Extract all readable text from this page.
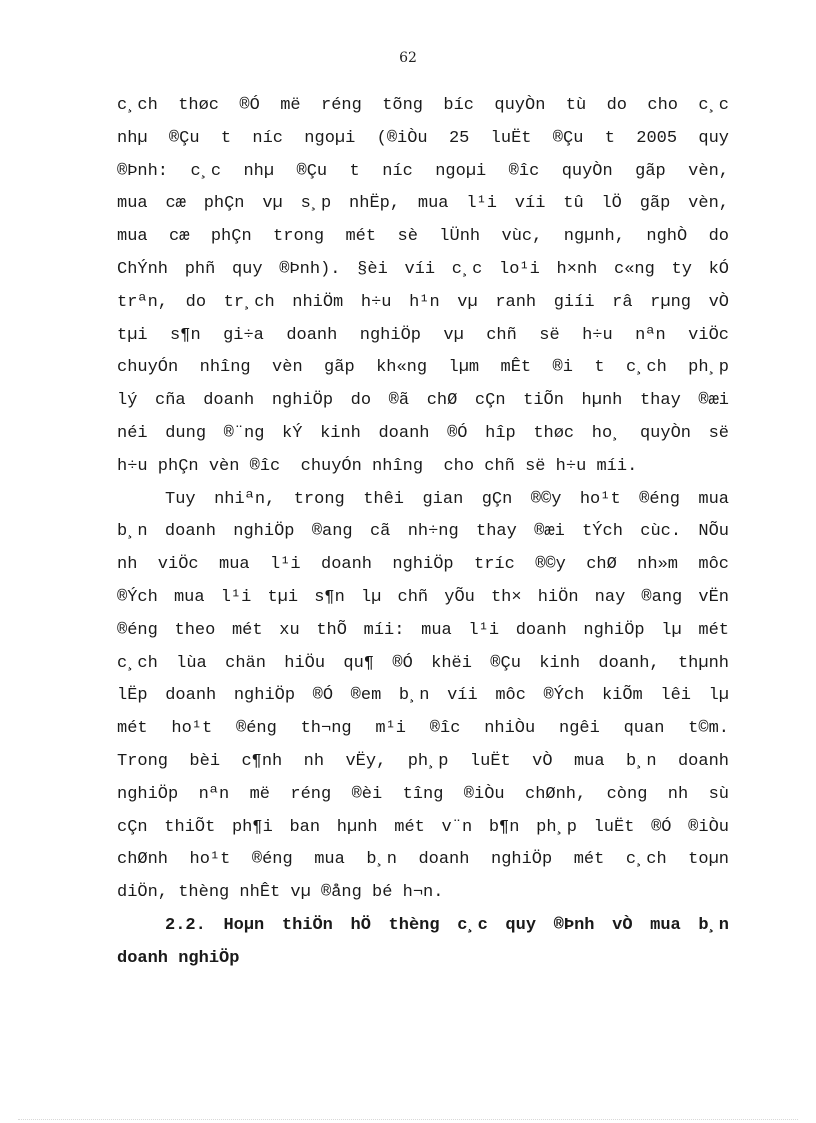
62
c¸ch thøc ®Ó më réng tõng bíc quyÒn tù do cho c¸c
nhµ ®Çu t níc ngoµi (®iÒu 25 luËt ®Çu t 2005 quy
®Þnh: c¸c nhµ ®Çu t níc ngoµi ®îc quyÒn gãp vèn,
mua cæ phÇn vµ s¸p nhËp, mua l¹i víi tû lÖ gãp vèn,
mua cæ phÇn trong mét sè lÜnh vùc, ngµnh, nghÒ do
ChÝnh phñ quy ®Þnh). §èi víi c¸c lo¹i h×nh c«ng ty kÓ
trªn, do tr¸ch nhiÖm h÷u h¹n vµ ranh giíi râ rµng vÒ
tµi s¶n gi÷a doanh nghiÖp vµ chñ së h÷u nªn viÖc
chuyÓn nhîng vèn gãp kh«ng lµm mÊt ®i t c¸ch ph¸p
lý cña doanh nghiÖp do ®ã chØ cÇn tiÕn hµnh thay ®æi
néi dung ®¨ng kÝ kinh doanh ®Ó hîp thøc ho¸ quyÒn së
h÷u phÇn vèn ®îc  chuyÓn nhîng  cho chñ së h÷u míi.
Tuy nhiªn, trong thêi gian gÇn ®©y ho¹t ®éng mua
b¸n doanh nghiÖp ®ang cã nh÷ng thay ®æi tÝch cùc. NÕu
nh viÖc mua l¹i doanh nghiÖp tríc ®©y chØ nh»m môc
®Ých mua l¹i tµi s¶n lµ chñ yÕu th× hiÖn nay ®ang vËn
®éng theo mét xu thÕ míi: mua l¹i doanh nghiÖp lµ mét
c¸ch lùa chän hiÖu qu¶ ®Ó khëi ®Çu kinh doanh, thµnh
lËp doanh nghiÖp ®Ó ®em b¸n víi môc ®Ých kiÕm lêi lµ
mét ho¹t ®éng th¬ng m¹i ®îc nhiÒu ngêi quan t©m.
Trong bèi c¶nh nh vËy, ph¸p luËt vÒ mua b¸n doanh
nghiÖp nªn më réng ®èi tîng ®iÒu chØnh, còng nh sù
cÇn thiÕt ph¶i ban hµnh mét v¨n b¶n ph¸p luËt ®Ó ®iÒu
chØnh ho¹t ®éng mua b¸n doanh nghiÖp mét c¸ch toµn
diÖn, thèng nhÊt vµ ®ång bé h¬n.
2.2. Hoµn thiÖn hÖ thèng c¸c quy ®Þnh vÒ mua b¸n
doanh nghiÖp
